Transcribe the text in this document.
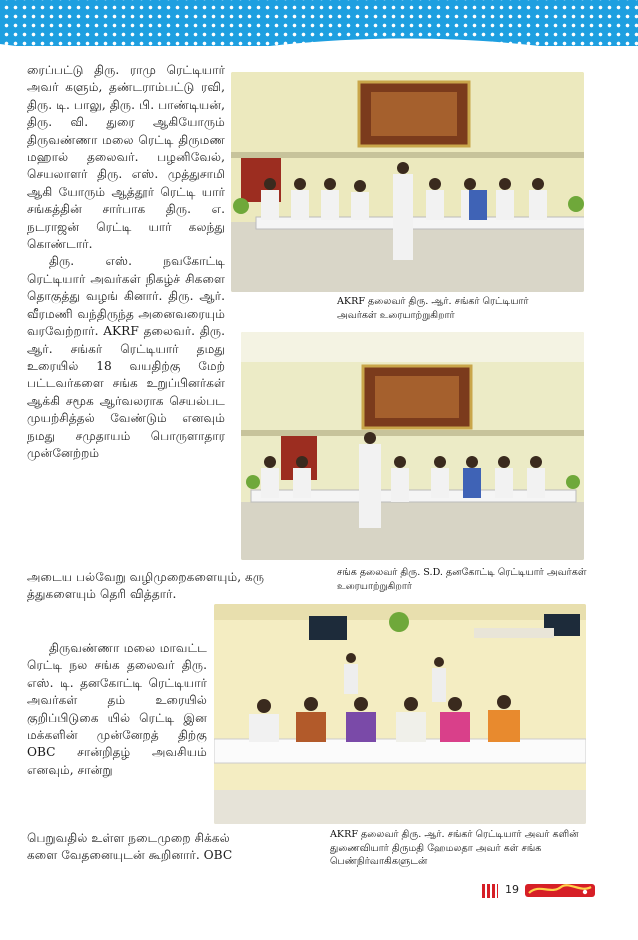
ரைப்பட்டு திரு. ராமு ரெட்டியார் அவர் களும், தண்டராம்பட்டு ரவி, திரு. டி. பாலு, திரு. பி. பாண்டியன், திரு. வி. துரை ஆகியோரும் திருவண்ணா மலை ரெட்டி திருமண மஹால் தலைவர். பழனிவேல், செயலாளர் திரு. எஸ். முத்துசாமி ஆகி யோரும் ஆத்தூர் ரெட்டி யார் சங்கத்தின் சார்பாக திரு. எ. நடராஜன் ரெட்டி யார் கலந்து கொண்டார்.

திரு. எஸ். நவகோட்டி ரெட்டியார் அவர்கள் நிகழ்ச் சிகளை தொகுத்து வழங் கினார். திரு. ஆர். வீரமணி வந்திருந்த அனைவரையும் வரவேற்றார். AKRF தலைவர். திரு. ஆர். சங்கர் ரெட்டியார் தமது உரையில் 18 வயதிற்கு மேற் பட்டவர்களை சங்க உறுப்பினர்கள் ஆக்கி சமூக ஆர்வலராக செயல்பட முயற்சித்தல் வேண்டும் எனவும் நமது சமுதாயம் பொருளாதார முன்னேற்றம்

அடைய பல்வேறு வழிமுறைகளையும், கரு

த்துகளையும் தெரி வித்தார்.

திருவண்ணா மலை மாவட்ட ரெட்டி நல சங்க தலைவர் திரு. எஸ். டி. தனகோட்டி ரெட்டியார் அவர்கள் தம் உரையில் குறிப்பிடுகை யில் ரெட்டி இன மக்களின் முன்னேறத் திற்கு OBC சான்றிதழ் அவசியம் எனவும், சான்று

பெறுவதில் உள்ள நடைமுறை சிக்கல்

களை வேதனையுடன் கூறினார். OBC

AKRF தலைவர் திரு. ஆர். சங்கர் ரெட்டியார் அவர்கள் உரையாற்றுகிறார்
சங்க தலைவர் திரு. S.D. தனகோட்டி ரெட்டியார் அவர்கள் உரையாற்றுகிறார்
AKRF தலைவர் திரு. ஆர். சங்கர் ரெட்டியார் அவர் களின் துணைவியார் திருமதி ஹேமலதா அவர் கள் சங்க பெண்நிர்வாகிகளுடன்
19
